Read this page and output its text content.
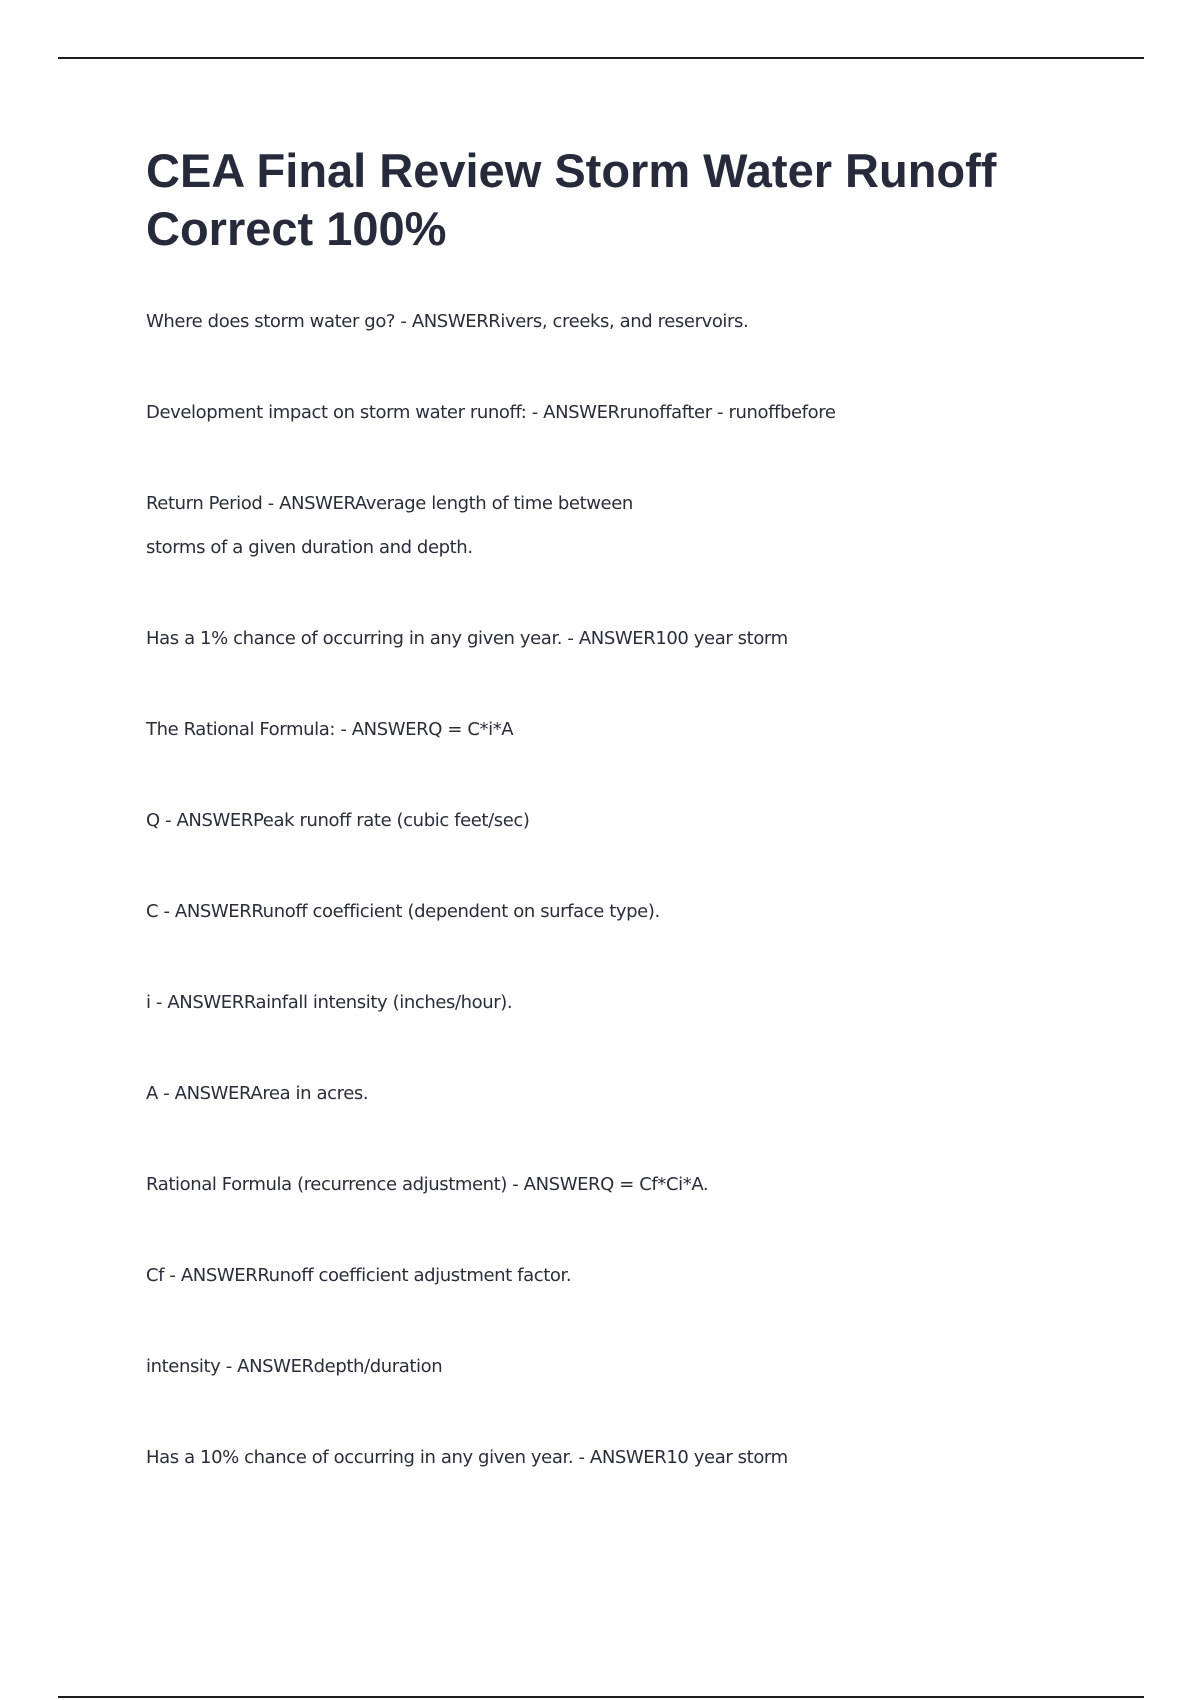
CEA Final Review Storm Water Runoff Correct 100%
Where does storm water go? - ANSWERRivers, creeks, and reservoirs.
Development impact on storm water runoff: - ANSWERrunoffafter - runoffbefore
Return Period - ANSWERAverage length of time between
storms of a given duration and depth.
Has a 1% chance of occurring in any given year. - ANSWER100 year storm
The Rational Formula: - ANSWERQ = C*i*A
Q - ANSWERPeak runoff rate (cubic feet/sec)
C - ANSWERRunoff coefficient (dependent on surface type).
i - ANSWERRainfall intensity (inches/hour).
A - ANSWERArea in acres.
Rational Formula (recurrence adjustment) - ANSWERQ = Cf*Ci*A.
Cf - ANSWERRunoff coefficient adjustment factor.
intensity - ANSWERdepth/duration
Has a 10% chance of occurring in any given year. - ANSWER10 year storm
